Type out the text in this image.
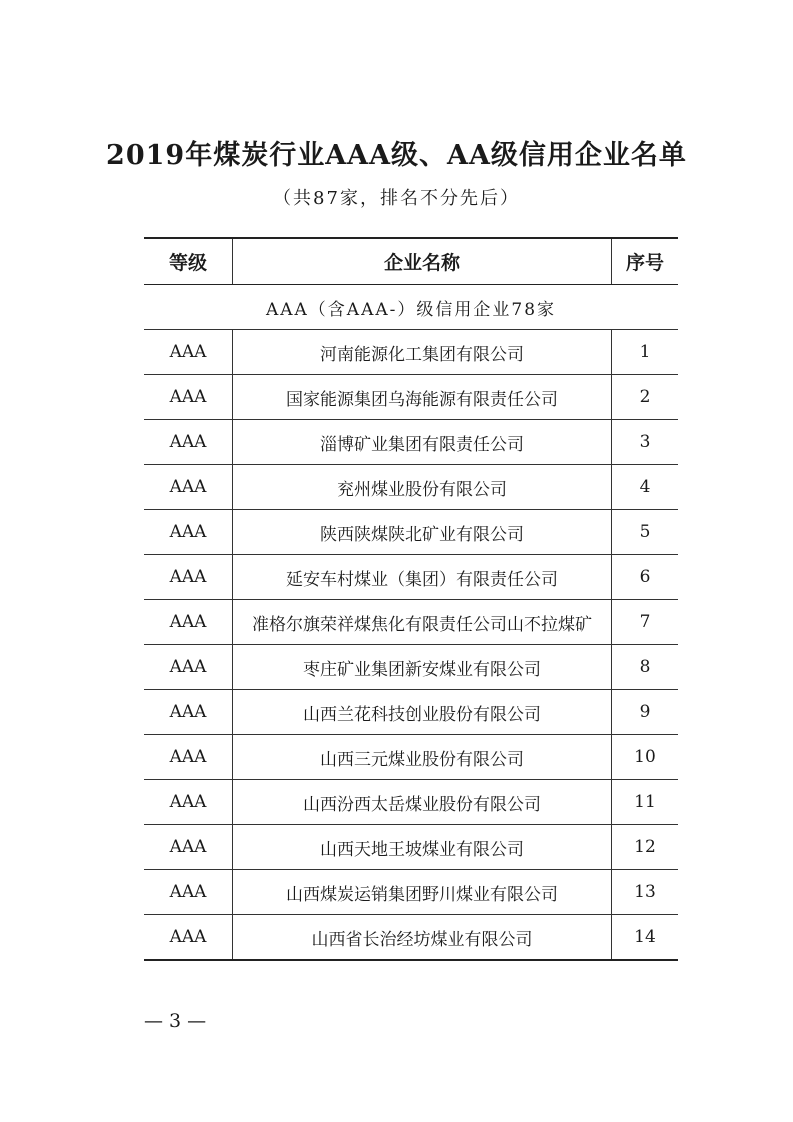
2019年煤炭行业AAA级、AA级信用企业名单
（共87家，排名不分先后）
等级	企业名称	序号
AAA（含AAA-）级信用企业78家		
AAA	河南能源化工集团有限公司	1
AAA	国家能源集团乌海能源有限责任公司	2
AAA	淄博矿业集团有限责任公司	3
AAA	兖州煤业股份有限公司	4
AAA	陕西陕煤陕北矿业有限公司	5
AAA	延安车村煤业（集团）有限责任公司	6
AAA	准格尔旗荣祥煤焦化有限责任公司山不拉煤矿	7
AAA	枣庄矿业集团新安煤业有限公司	8
AAA	山西兰花科技创业股份有限公司	9
AAA	山西三元煤业股份有限公司	10
AAA	山西汾西太岳煤业股份有限公司	11
AAA	山西天地王坡煤业有限公司	12
AAA	山西煤炭运销集团野川煤业有限公司	13
AAA	山西省长治经坊煤业有限公司	14
— 3 —
